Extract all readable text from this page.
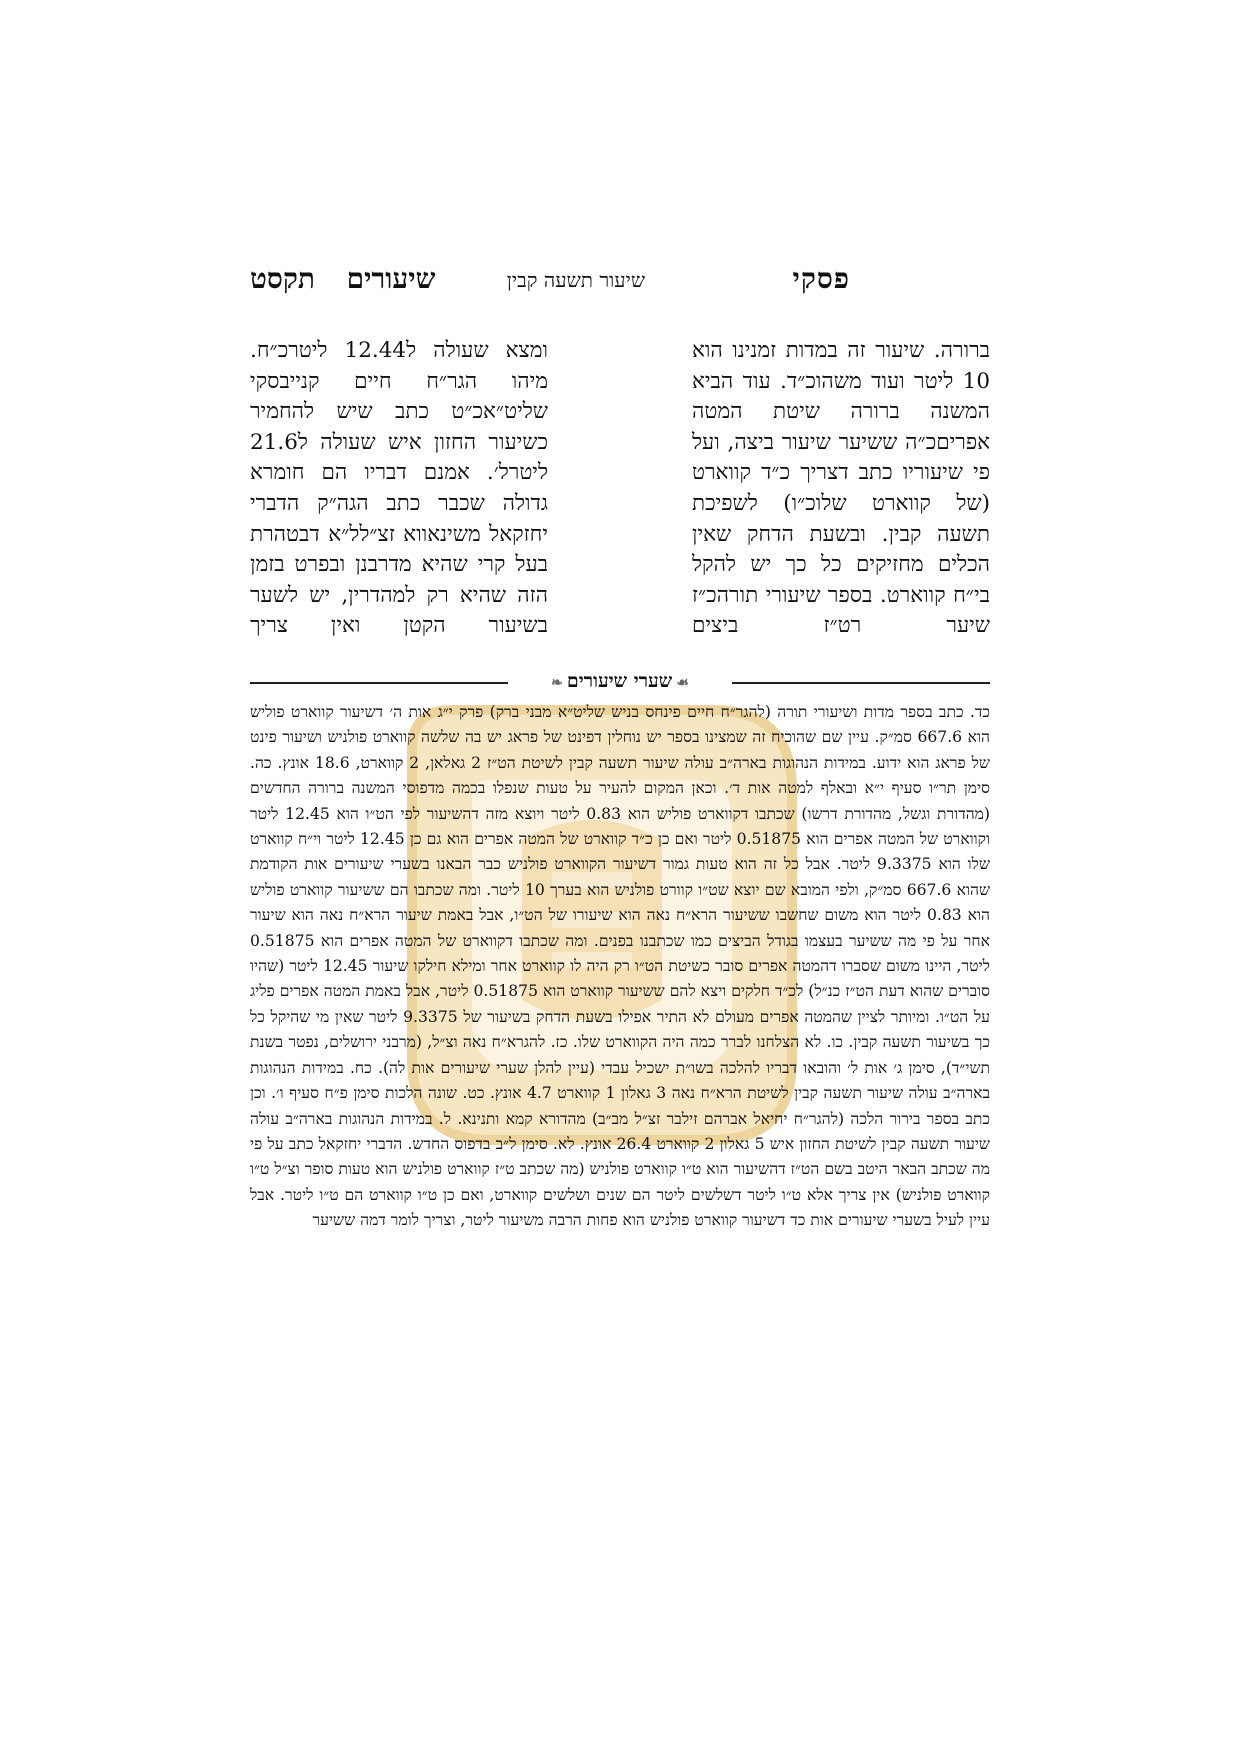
פסקי
שיעור תשעה קבין
שיעורים תקסט

ברורה. שיעור זה במדות זמנינו הוא 10 ליטר ועוד משהוכ״ד. עוד הביא המשנה ברורה שיטת המטה אפריםכ״ה ששיער שיעור ביצה, ועל פי שיעוריו כתב דצריך כ״ד קווארט (של קווארט שלוכ״ו) לשפיכת תשעה קבין. ובשעת הדחק שאין הכלים מחזיקים כל כך יש להקל בי״ח קווארט. בספר שיעורי תורהכ״ז שיער רט״ז ביצים

ומצא שעולה ל12.44 ליטרכ״ח. מיהו הגר״ח חיים קנייבסקי שליט״אכ״ט כתב שיש להחמיר כשיעור החזון איש שעולה ל21.6 ליטרל׳. אמנם דבריו הם חומרא גדולה שכבר כתב הגה״ק הדברי יחזקאל משינאווא זצ״לל״א דבטהרת בעל קרי שהיא מדרבנן ובפרט בזמן הזה שהיא רק למהדרין, יש לשער בשיעור הקטן ואין צריך

❧ שערי שיעורים ☙

כד. כתב בספר מדות ושיעורי תורה (להגר״ח חיים פינחס בניש שליט״א מבני ברק) פרק י״ג אות ה׳ דשיעור קווארט פוליש הוא 667.6 סמ״ק. עיין שם שהוכיח זה שמצינו בספר יש נוחלין דפינט של פראג יש בה שלשה קווארט פולניש ושיעור פינט של פראג הוא ידוע. במידות הנהוגות בארה״ב עולה שיעור תשעה קבין לשיטת הט״ז 2 גאלאן, 2 קווארט, 18.6 אונץ. כה. סימן תר״ו סעיף י״א ובאלף למטה אות ד׳. וכאן המקום להעיר על טעות שנפלו בכמה מדפוסי המשנה ברורה החדשים (מהדורת וגשל, מהדורת דרשו) שכתבו דקווארט פוליש הוא 0.83 ליטר ויוצא מזה דהשיעור לפי הט״ו הוא 12.45 ליטר וקווארט של המטה אפרים הוא 0.51875 ליטר ואם כן כ״ד קווארט של המטה אפרים הוא גם כן 12.45 ליטר וי״ח קווארט שלו הוא 9.3375 ליטר. אבל כל זה הוא טעות גמור דשיעור הקווארט פולניש כבר הבאנו בשערי שיעורים אות הקודמת שהוא 667.6 סמ״ק, ולפי המובא שם יוצא שט״ו קוורט פולניש הוא בערך 10 ליטר. ומה שכתבו הם ששיעור קווארט פוליש הוא 0.83 ליטר הוא משום שחשבו ששיעור הרא״ח נאה הוא שיעורו של הט״ו, אבל באמת שיעור הרא״ח נאה הוא שיעור אחר על פי מה ששיער בעצמו בגודל הביצים כמו שכתבנו בפנים. ומה שכתבו דקווארט של המטה אפרים הוא 0.51875 ליטר, היינו משום שסברו דהמטה אפרים סובר כשיטת הט״ו רק היה לו קווארט אחר ומילא חילקו שיעור 12.45 ליטר (שהיו סוברים שהוא דעת הט״ז כנ״ל) לכ״ד חלקים ויצא להם ששיעור קווארט הוא 0.51875 ליטר, אבל באמת המטה אפרים פליג על הט״ו. ומיותר לציין שהמטה אפרים מעולם לא התיר אפילו בשעת הדחק בשיעור של 9.3375 ליטר שאין מי שהיקל כל כך בשיעור תשעה קבין. כו. לא הצלחנו לברר כמה היה הקווארט שלו. כז. להגרא״ח נאה וצ״ל, (מרבני ירושלים, נפטר בשנת תשי״ד), סימן ג׳ אות ל׳ והובאו דבריו להלכה בשו״ת ישכיל עבדי (עיין להלן שערי שיעורים אות לה). כח. במידות הנהוגות בארה״ב עולה שיעור תשעה קבין לשיטת הרא״ח נאה 3 גאלון 1 קווארט 4.7 אונץ. כט. שונה הלכות סימן פ״ח סעיף ו׳. וכן כתב בספר בירור הלכה (להגר״ח יחיאל אברהם זילבר זצ״ל מב״ב) מהדורא קמא ותנינא. ל. במידות הנהוגות בארה״ב עולה שיעור תשעה קבין לשיטת החזון איש 5 גאלון 2 קווארט 26.4 אונץ. לא. סימן ל״ב בדפוס החדש. הדברי יחזקאל כתב על פי מה שכתב הבאר היטב בשם הט״ז דהשיעור הוא ט״ו קווארט פולניש (מה שכתב ט״ז קווארט פולניש הוא טעות סופר וצ״ל ט״ו קווארט פולניש) אין צריך אלא ט״ו ליטר דשלשים ליטר הם שנים ושלשים קווארט, ואם כן ט״ו קווארט הם ט״ו ליטר. אבל עיין לעיל בשערי שיעורים אות כד דשיעור קווארט פולניש הוא פחות הרבה משיעור ליטר, וצריך לומר דמה ששיער
